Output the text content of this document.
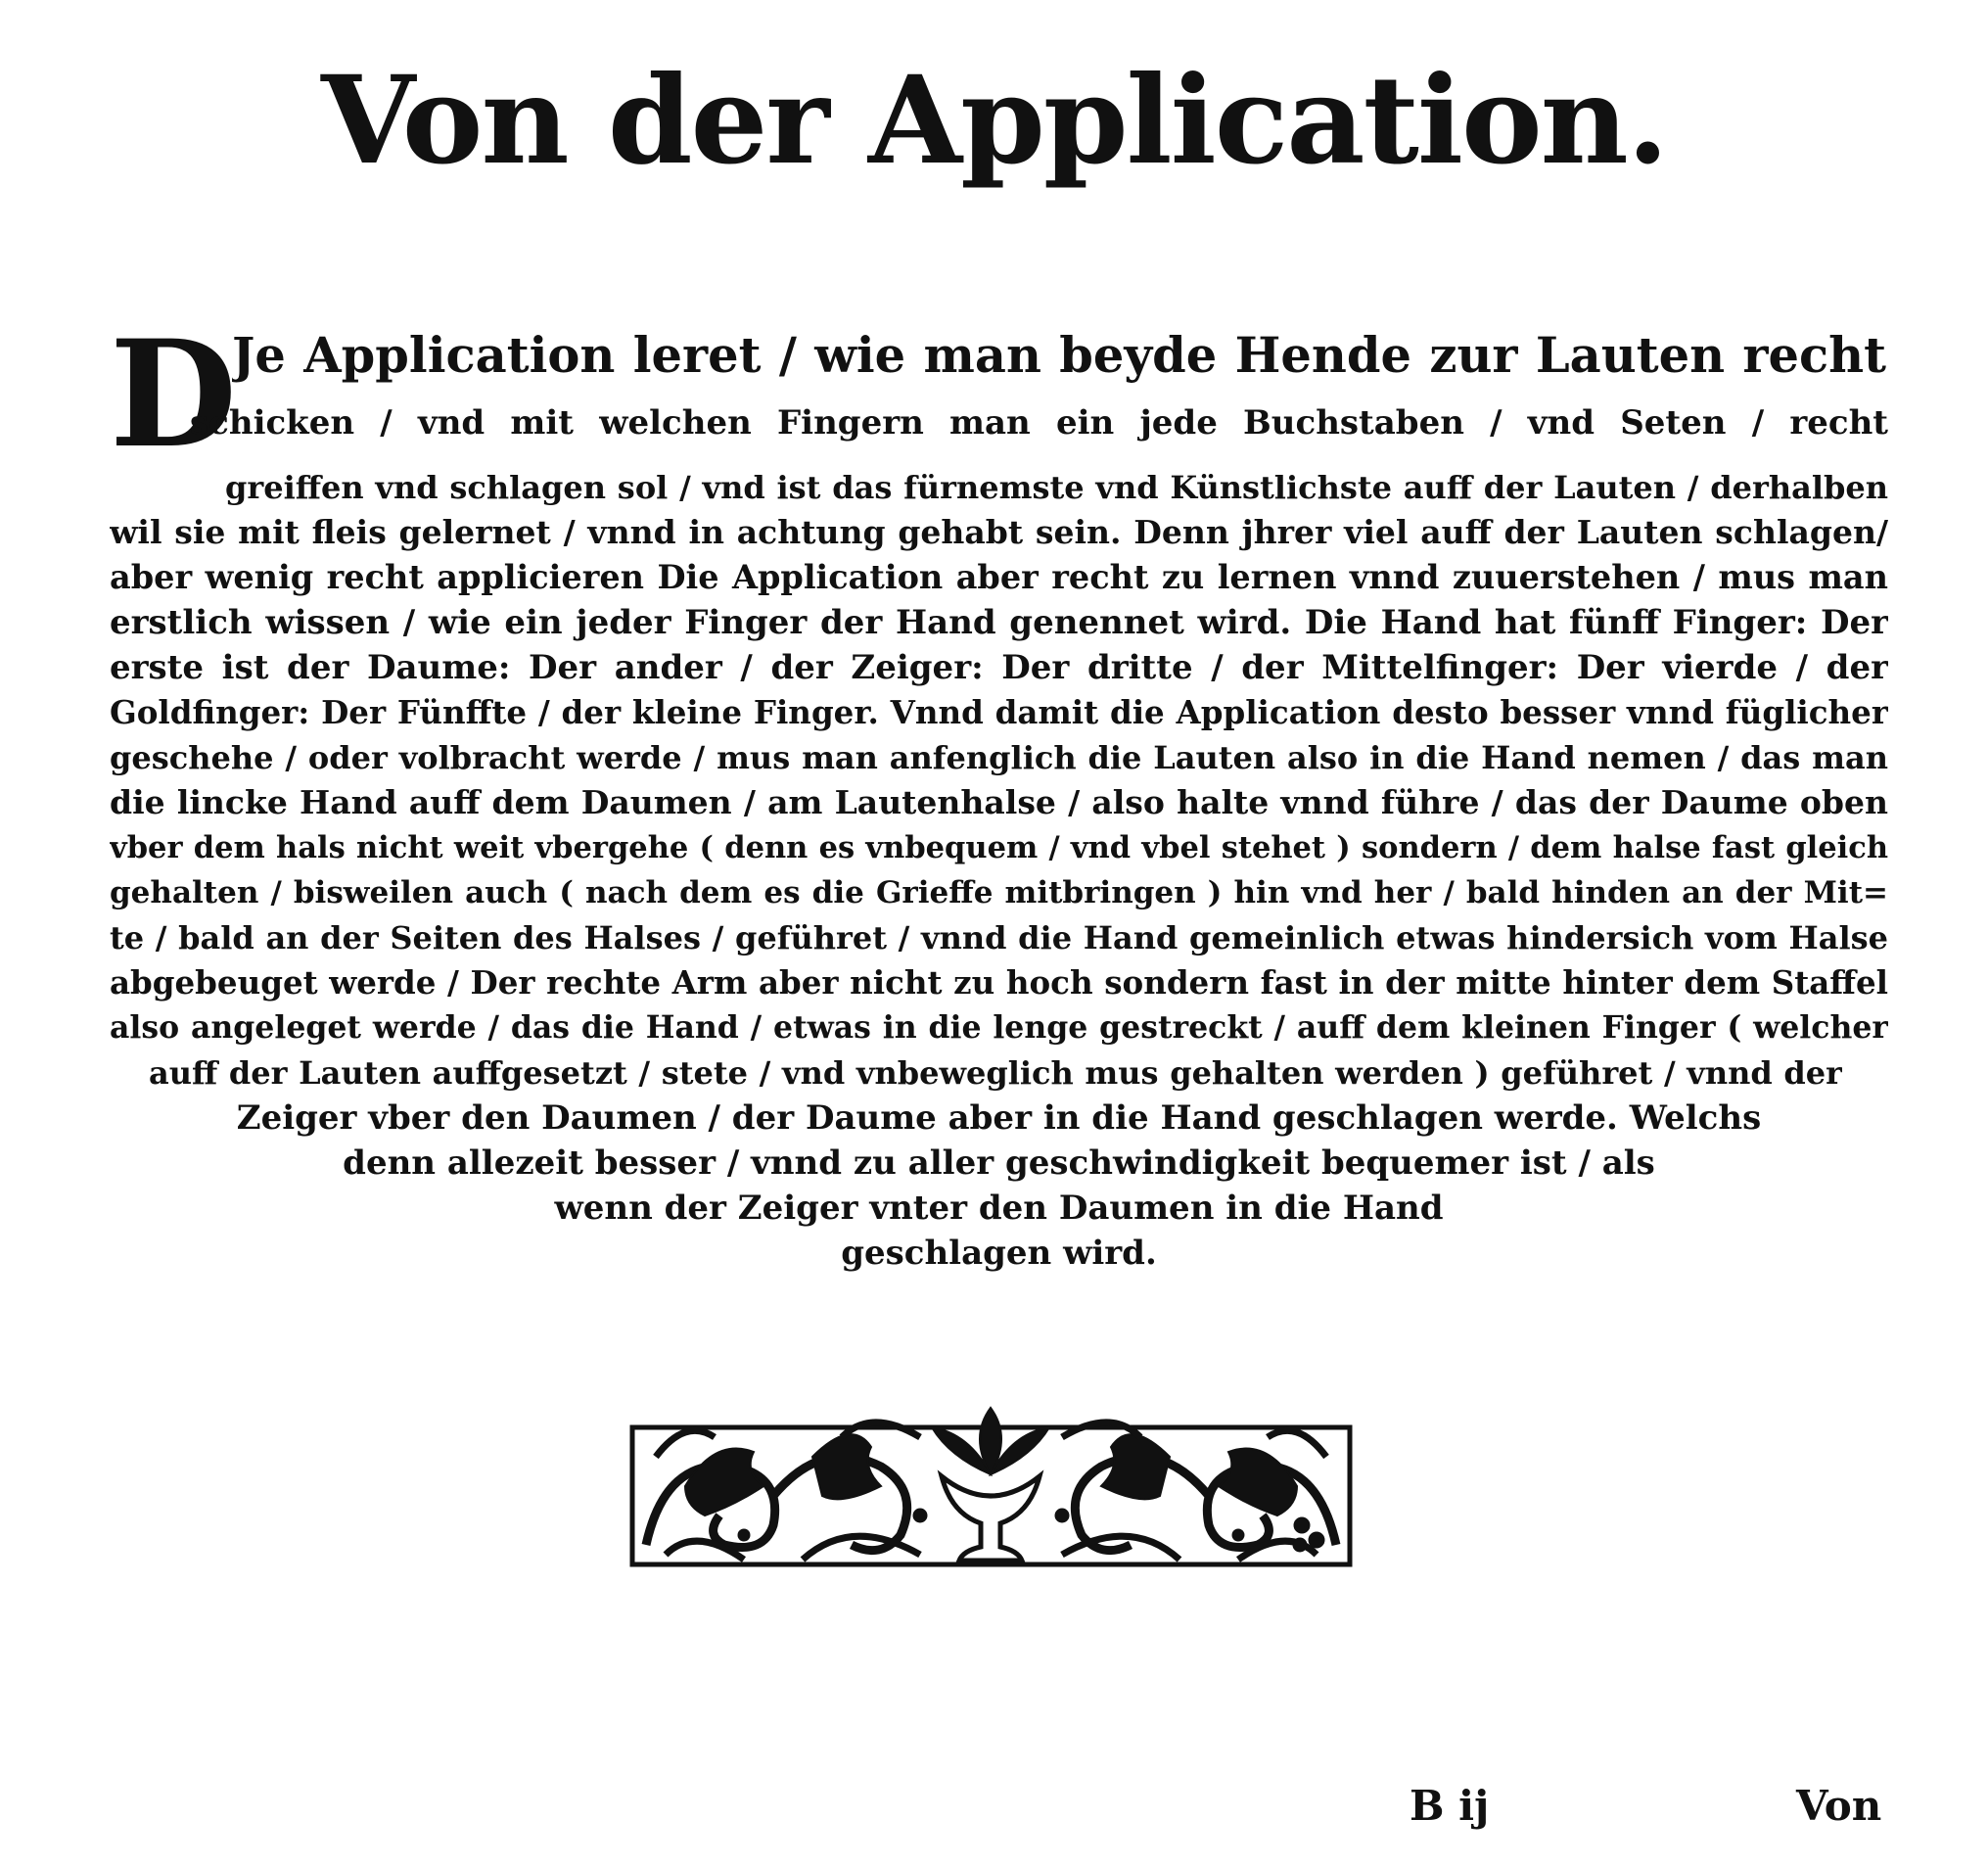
Von der Application.
D
Je Application leret / wie man beyde Hende zur Lauten recht
schicken / vnd mit welchen Fingern man ein jede Buchstaben / vnd Seten / recht
greiffen vnd schlagen sol / vnd ist das fürnemste vnd Künstlichste auff der Lauten / derhalben
wil sie mit fleis gelernet / vnnd in achtung gehabt sein. Denn jhrer viel auff der Lauten schlagen/
aber wenig recht applicieren Die Application aber recht zu lernen vnnd zuuerstehen / mus man
erstlich wissen / wie ein jeder Finger der Hand genennet wird. Die Hand hat fünff Finger: Der
erste ist der Daume: Der ander / der Zeiger: Der dritte / der Mittelfinger: Der vierde / der
Goldfinger: Der Fünffte / der kleine Finger. Vnnd damit die Application desto besser vnnd füglicher
geschehe / oder volbracht werde / mus man anfenglich die Lauten also in die Hand nemen / das man
die lincke Hand auff dem Daumen / am Lautenhalse / also halte vnnd führe / das der Daume oben
vber dem hals nicht weit vbergehe ( denn es vnbequem / vnd vbel stehet ) sondern / dem halse fast gleich
gehalten / bisweilen auch ( nach dem es die Grieffe mitbringen ) hin vnd her / bald hinden an der Mit=
te / bald an der Seiten des Halses / geführet / vnnd die Hand gemeinlich etwas hindersich vom Halse
abgebeuget werde / Der rechte Arm aber nicht zu hoch sondern fast in der mitte hinter dem Staffel
also angeleget werde / das die Hand / etwas in die lenge gestreckt / auff dem kleinen Finger ( welcher
auff der Lauten auffgesetzt / stete / vnd vnbeweglich mus gehalten werden ) geführet / vnnd der
Zeiger vber den Daumen / der Daume aber in die Hand geschlagen werde. Welchs
denn allezeit besser / vnnd zu aller geschwindigkeit bequemer ist / als
wenn der Zeiger vnter den Daumen in die Hand
geschlagen wird.
B ij	Von
